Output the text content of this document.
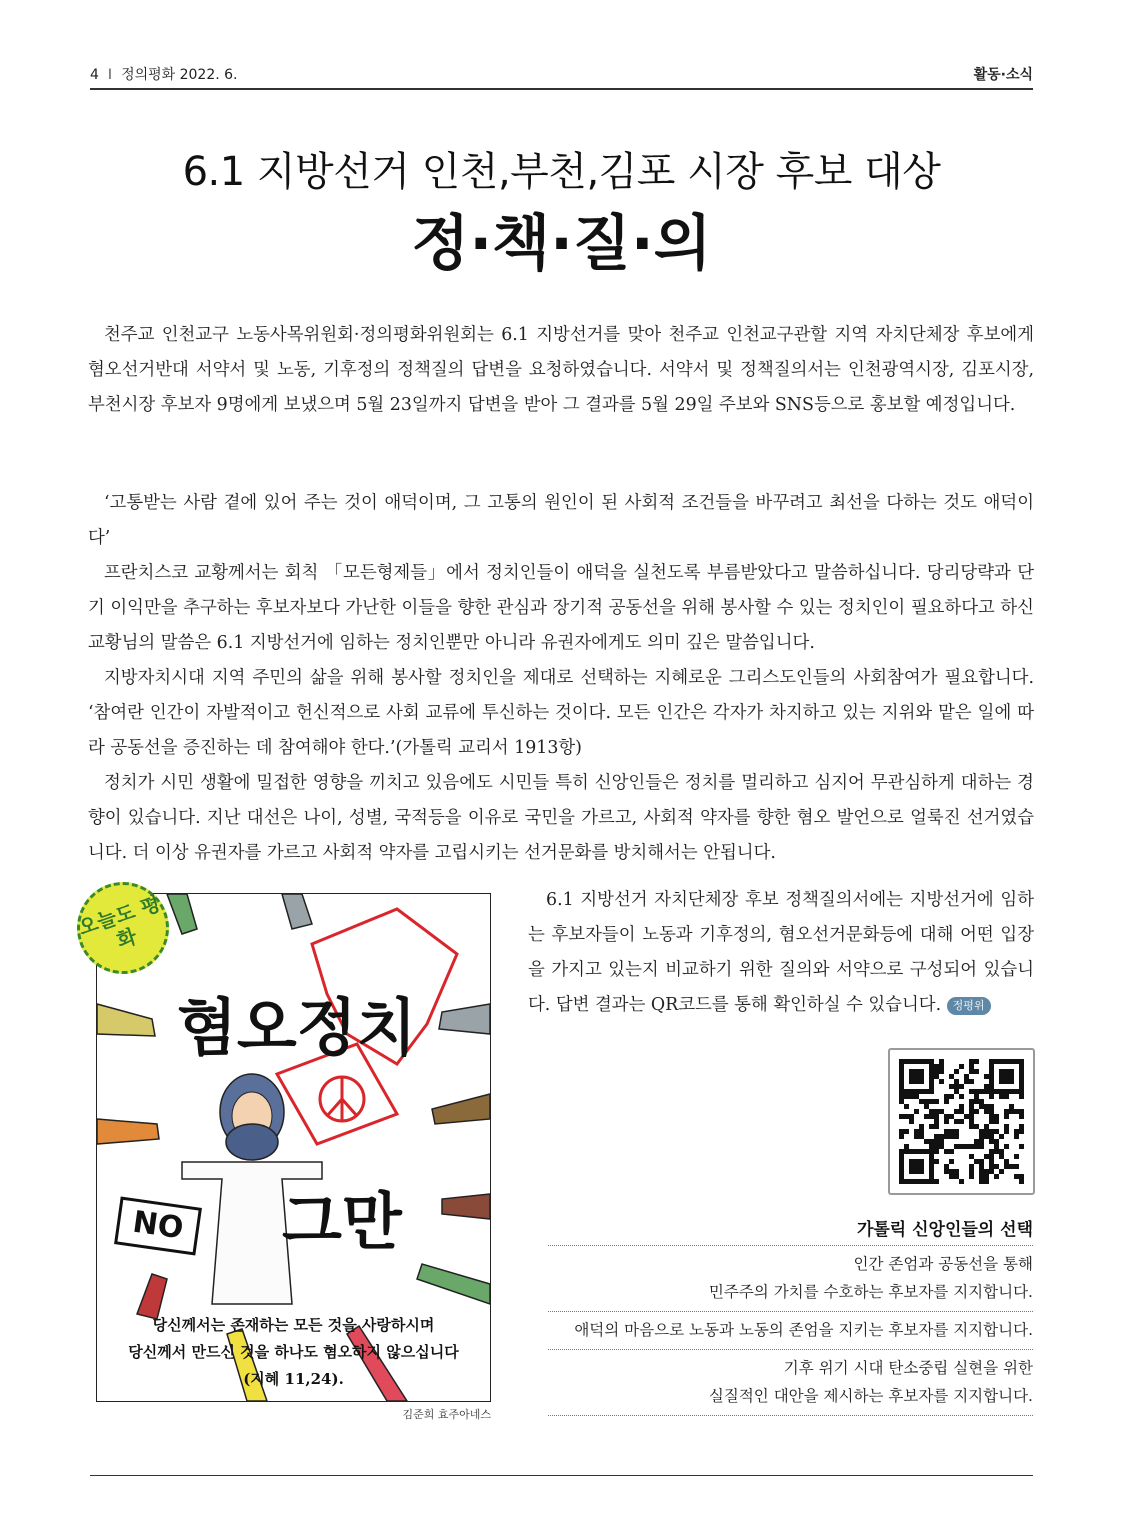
4 I 정의평화 2022. 6.	활동·소식
6.1 지방선거 인천,부천,김포 시장 후보 대상
정·책·질·의

천주교 인천교구 노동사목위원회·정의평화위원회는 6.1 지방선거를 맞아 천주교 인천교구관할 지역 자치단체장 후보에게 혐오선거반대 서약서 및 노동, 기후정의 정책질의 답변을 요청하였습니다. 서약서 및 정책질의서는 인천광역시장, 김포시장, 부천시장 후보자 9명에게 보냈으며 5월 23일까지 답변을 받아 그 결과를 5월 29일 주보와 SNS등으로 홍보할 예정입니다.

‘고통받는 사람 곁에 있어 주는 것이 애덕이며, 그 고통의 원인이 된 사회적 조건들을 바꾸려고 최선을 다하는 것도 애덕이다’

프란치스코 교황께서는 회칙 「모든형제들」에서 정치인들이 애덕을 실천도록 부름받았다고 말씀하십니다. 당리당략과 단기 이익만을 추구하는 후보자보다 가난한 이들을 향한 관심과 장기적 공동선을 위해 봉사할 수 있는 정치인이 필요하다고 하신 교황님의 말씀은 6.1 지방선거에 임하는 정치인뿐만 아니라 유권자에게도 의미 깊은 말씀입니다.

지방자치시대 지역 주민의 삶을 위해 봉사할 정치인을 제대로 선택하는 지혜로운 그리스도인들의 사회참여가 필요합니다. ‘참여란 인간이 자발적이고 헌신적으로 사회 교류에 투신하는 것이다. 모든 인간은 각자가 차지하고 있는 지위와 맡은 일에 따라 공동선을 증진하는 데 참여해야 한다.’(가톨릭 교리서 1913항)

정치가 시민 생활에 밀접한 영향을 끼치고 있음에도 시민들 특히 신앙인들은 정치를 멀리하고 심지어 무관심하게 대하는 경향이 있습니다. 지난 대선은 나이, 성별, 국적등을 이유로 국민을 가르고, 사회적 약자를 향한 혐오 발언으로 얼룩진 선거였습니다. 더 이상 유권자를 가르고 사회적 약자를 고립시키는 선거문화를 방치해서는 안됩니다.

오늘도 평화
혐오정치
그만
NO
당신께서는 존재하는 모든 것을 사랑하시며
당신께서 만드신 것을 하나도 혐오하지 않으십니다
(지혜 11,24).
김준희 효주아네스

6.1 지방선거 자치단체장 후보 정책질의서에는 지방선거에 임하는 후보자들이 노동과 기후정의, 혐오선거문화등에 대해 어떤 입장을 가지고 있는지 비교하기 위한 질의와 서약으로 구성되어 있습니다. 답변 결과는 QR코드를 통해 확인하실 수 있습니다. 정평위

가톨릭 신앙인들의 선택
인간 존엄과 공동선을 통해
민주주의 가치를 수호하는 후보자를 지지합니다.
애덕의 마음으로 노동과 노동의 존엄을 지키는 후보자를 지지합니다.
기후 위기 시대 탄소중립 실현을 위한
실질적인 대안을 제시하는 후보자를 지지합니다.
